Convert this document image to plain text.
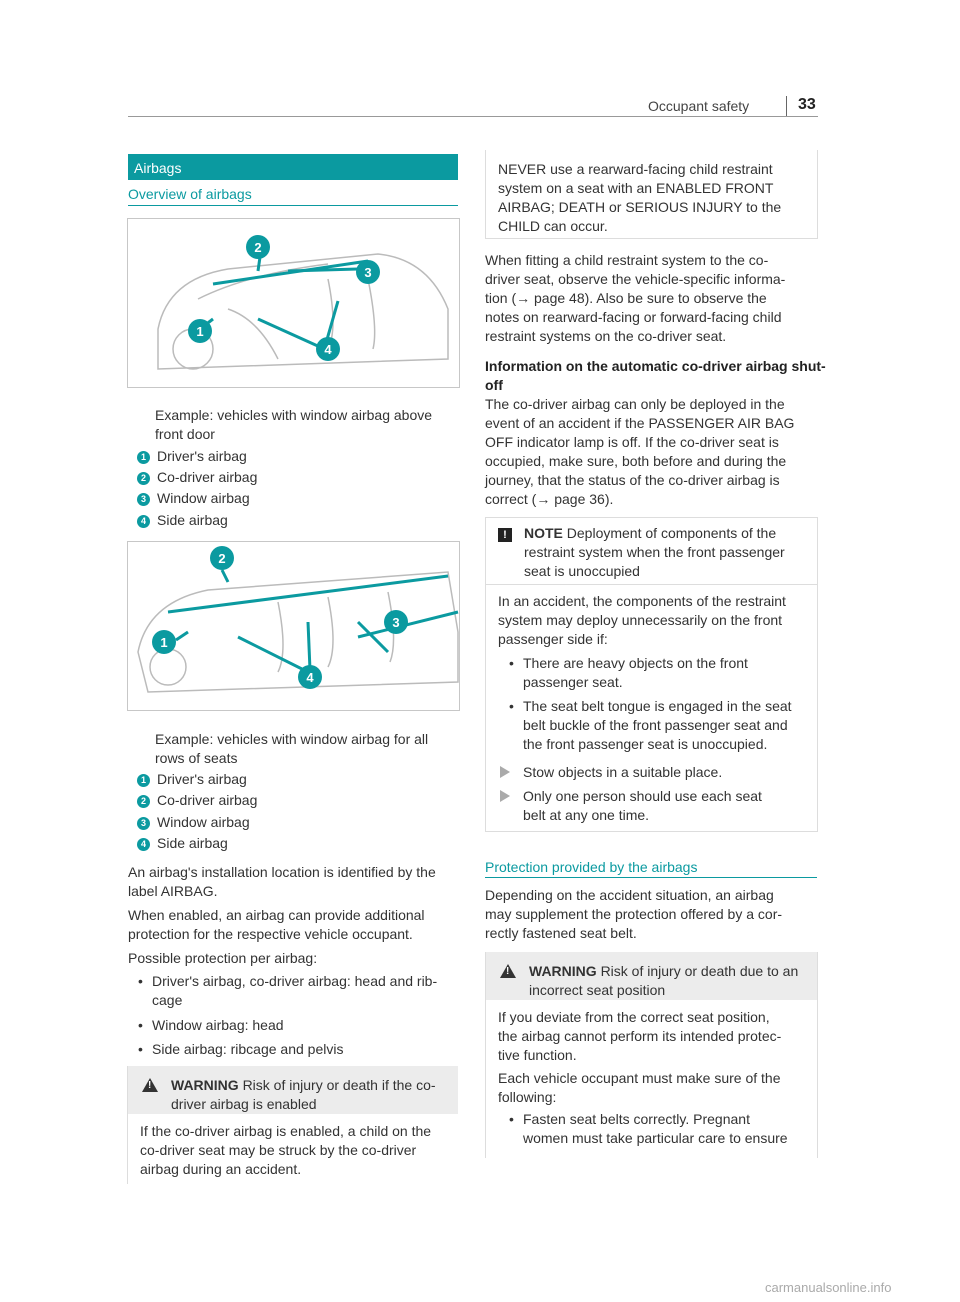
Occupant safety	33
Airbags
Overview of airbags
2
3
1
4
Example: vehicles with window airbag above
front door
1 Driver's airbag
2 Co-driver airbag
3 Window airbag
4 Side airbag
2
3
1
4
Example: vehicles with window airbag for all
rows of seats
1 Driver's airbag
2 Co-driver airbag
3 Window airbag
4 Side airbag
An airbag's installation location is identified by the
label AIRBAG.
When enabled, an airbag can provide additional
protection for the respective vehicle occupant.
Possible protection per airbag:
• Driver's airbag, co-driver airbag: head and rib-
cage
• Window airbag: head
• Side airbag: ribcage and pelvis
!
WARNING Risk of injury or death if the co-
driver airbag is enabled
If the co-driver airbag is enabled, a child on the
co-driver seat may be struck by the co-driver
airbag during an accident.
NEVER use a rearward-facing child restraint
system on a seat with an ENABLED FRONT
AIRBAG; DEATH or SERIOUS INJURY to the
CHILD can occur.
When fitting a child restraint system to the co-
driver seat, observe the vehicle-specific informa-
tion (→ page 48). Also be sure to observe the
notes on rearward-facing or forward-facing child
restraint systems on the co-driver seat.
Information on the automatic co-driver airbag shut-
off
The co-driver airbag can only be deployed in the
event of an accident if the PASSENGER AIR BAG
OFF indicator lamp is off. If the co-driver seat is
occupied, make sure, both before and during the
journey, that the status of the co-driver airbag is
correct (→ page 36).
!	NOTE Deployment of components of the
restraint system when the front passenger
seat is unoccupied
In an accident, the components of the restraint
system may deploy unnecessarily on the front
passenger side if:
• There are heavy objects on the front
passenger seat.
• The seat belt tongue is engaged in the seat
belt buckle of the front passenger seat and
the front passenger seat is unoccupied.
Stow objects in a suitable place.
Only one person should use each seat
belt at any one time.
Protection provided by the airbags
Depending on the accident situation, an airbag
may supplement the protection offered by a cor-
rectly fastened seat belt.
!
WARNING Risk of injury or death due to an
incorrect seat position
If you deviate from the correct seat position,
the airbag cannot perform its intended protec-
tive function.
Each vehicle occupant must make sure of the
following:
• Fasten seat belts correctly. Pregnant
women must take particular care to ensure
carmanualsonline.info
